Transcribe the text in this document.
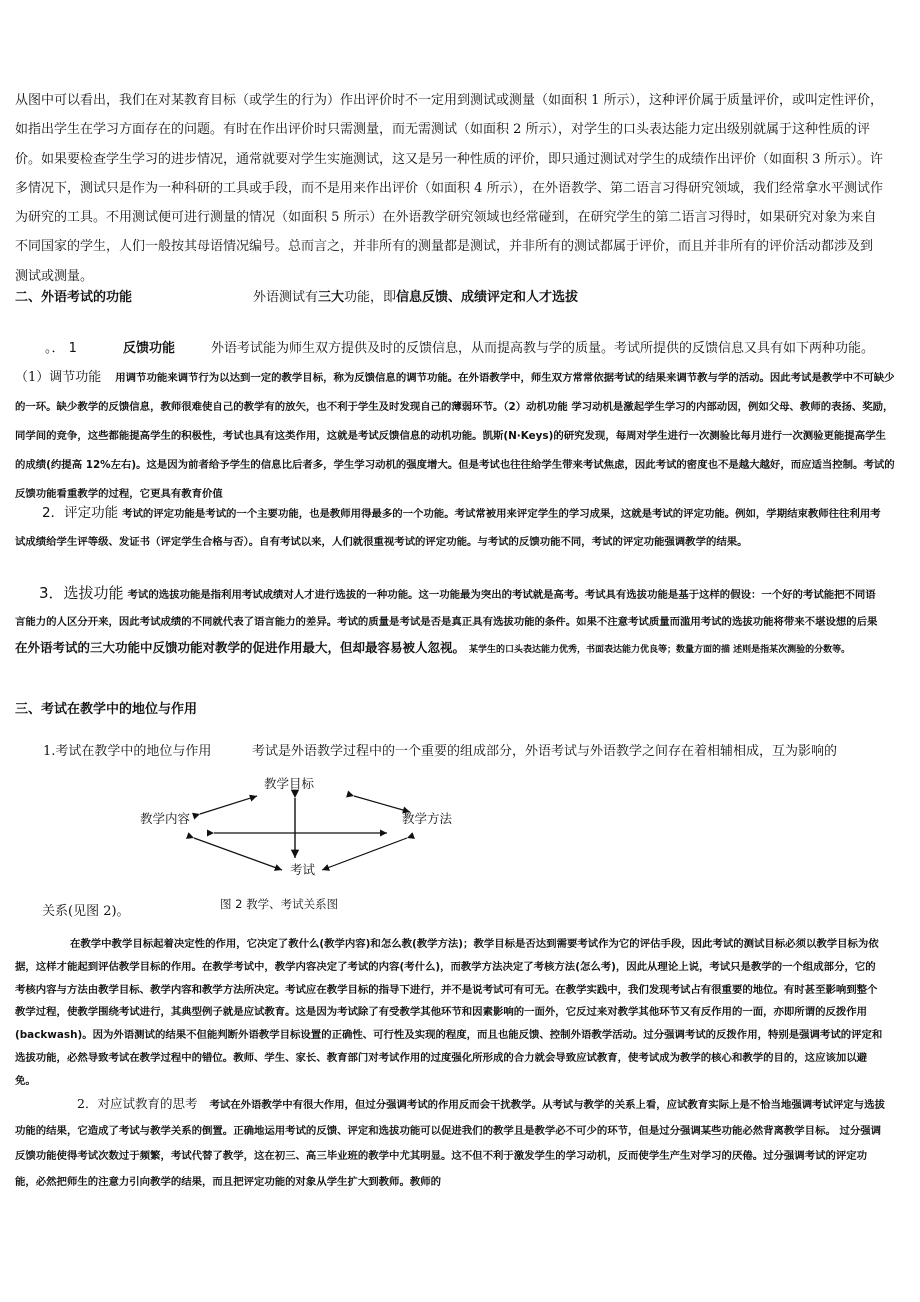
从图中可以看出，我们在对某教育目标（或学生的行为）作出评价时不一定用到测试或测量（如面积 1 所示），这种评价属于质量评价，或叫定性评价，如指出学生在学习方面存在的问题。有时在作出评价时只需测量，而无需测试（如面积 2 所示），对学生的口头表达能力定出级别就属于这种性质的评价。如果要检查学生学习的进步情况，通常就要对学生实施测试，这又是另一种性质的评价，即只通过测试对学生的成绩作出评价（如面积 3 所示）。许多情况下，测试只是作为一种科研的工具或手段，而不是用来作出评价（如面积 4 所示），在外语教学、第二语言习得研究领域，我们经常拿水平测试作为研究的工具。不用测试便可进行测量的情况（如面积 5 所示）在外语教学研究领域也经常碰到，在研究学生的第二语言习得时，如果研究对象为来自不同国家的学生，人们一般按其母语情况编号。总而言之，并非所有的测量都是测试，并非所有的测试都属于评价，而且并非所有的评价活动都涉及到测试或测量。
二、外语考试的功能	外语测试有三大功能，即信息反馈、成绩评定和人才选拔
。． 1	反馈功能	外语考试能为师生双方提供及时的反馈信息，从而提高教与学的质量。考试所提供的反馈信息又具有如下两种功能。
（1）调节功能 用调节功能来调节行为以达到一定的教学目标，称为反馈信息的调节功能。在外语教学中，师生双方常常依据考试的结果来调节教与学的活动。因此考试是教学中不可缺少的一环。缺少教学的反馈信息，教师很难使自己的教学有的放矢，也不利于学生及时发现自己的薄弱环节。（2）动机功能 学习动机是激起学生学习的内部动因，例如父母、教师的表扬、奖励，同学间的竞争，这些都能提高学生的积极性，考试也具有这类作用，这就是考试反馈信息的动机功能。凯斯(N·Keys)的研究发现，每周对学生进行一次测验比每月进行一次测验更能提高学生的成绩(约提高 12%左右)。这是因为前者给予学生的信息比后者多，学生学习动机的强度增大。但是考试也往往给学生带来考试焦虑，因此考试的密度也不是越大越好，而应适当控制。考试的反馈功能看重教学的过程，它更具有教育价值
2．评定功能 考试的评定功能是考试的一个主要功能，也是教师用得最多的一个功能。考试常被用来评定学生的学习成果，这就是考试的评定功能。例如，学期结束教师往往利用考试成绩给学生评等级、发证书（评定学生合格与否）。自有考试以来，人们就很重视考试的评定功能。与考试的反馈功能不同，考试的评定功能强调教学的结果。
3．选拔功能 考试的选拔功能是指利用考试成绩对人才进行选拔的一种功能。这一功能最为突出的考试就是高考。考试具有选拔功能是基于这样的假设：一个好的考试能把不同语言能力的人区分开来，因此考试成绩的不同就代表了语言能力的差异。考试的质量是考试是否是真正具有选拔功能的条件。如果不注意考试质量而滥用考试的选拔功能将带来不堪设想的后果在外语考试的三大功能中反馈功能对教学的促进作用最大，但却最容易被人忽视。 某学生的口头表达能力优秀，书面表达能力优良等；数量方面的描 述则是指某次测验的分数等。
三、考试在教学中的地位与作用
1.考试在教学中的地位与作用	考试是外语教学过程中的一个重要的组成部分，外语考试与外语教学之间存在着相辅相成，互为影响的
教学目标
教学内容	教学方法
考试
图 2 教学、考试关系图
关系(见图 2)。
在教学中教学目标起着决定性的作用，它决定了教什么(教学内容)和怎么教(教学方法)；教学目标是否达到需要考试作为它的评估手段，因此考试的测试目标必须以教学目标为依据，这样才能起到评估教学目标的作用。在教学考试中，教学内容决定了考试的内容(考什么)，而教学方法决定了考核方法(怎么考)，因此从理论上说，考试只是教学的一个组成部分，它的考核内容与方法由教学目标、教学内容和教学方法所决定。考试应在教学目标的指导下进行，并不是说考试可有可无。在教学实践中，我们发现考试占有很重要的地位。有时甚至影响到整个教学过程，使教学围绕考试进行，其典型例子就是应试教育。这是因为考试除了有受教学其他环节和因素影响的一面外，它反过来对教学其他环节又有反作用的一面，亦即所谓的反拨作用(backwash)。因为外语测试的结果不但能判断外语教学目标设置的正确性、可行性及实现的程度，而且也能反馈、控制外语教学活动。过分强调考试的反拨作用，特别是强调考试的评定和选拔功能，必然导致考试在教学过程中的错位。教师、学生、家长、教育部门对考试作用的过度强化所形成的合力就会导致应试教育，使考试成为教学的核心和教学的目的，这应该加以避免。
2．对应试教育的思考 考试在外语教学中有很大作用，但过分强调考试的作用反而会干扰教学。从考试与教学的关系上看，应试教育实际上是不恰当地强调考试评定与选拔功能的结果，它造成了考试与教学关系的倒置。正确地运用考试的反馈、评定和选拔功能可以促进我们的教学且是教学必不可少的环节，但是过分强调某些功能必然背离教学目标。 过分强调反馈功能使得考试次数过于频繁，考试代替了教学，这在初三、高三毕业班的教学中尤其明显。这不但不利于激发学生的学习动机，反而使学生产生对学习的厌倦。过分强调考试的评定功能，必然把师生的注意力引向教学的结果，而且把评定功能的对象从学生扩大到教师。教师的
